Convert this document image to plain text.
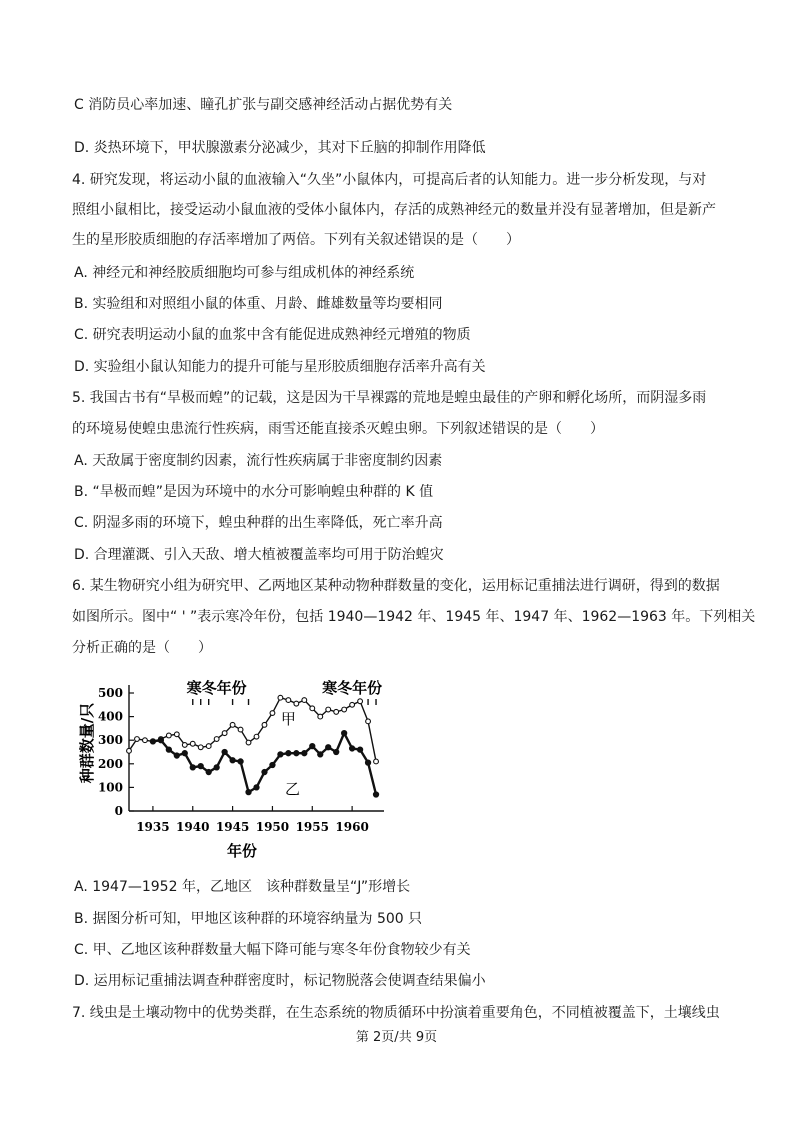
C 消防员心率加速、瞳孔扩张与副交感神经活动占据优势有关
D. 炎热环境下，甲状腺激素分泌减少，其对下丘脑的抑制作用降低
4. 研究发现，将运动小鼠的血液输入“久坐”小鼠体内，可提高后者的认知能力。进一步分析发现，与对
照组小鼠相比，接受运动小鼠血液的受体小鼠体内，存活的成熟神经元的数量并没有显著增加，但是新产
生的星形胶质细胞的存活率增加了两倍。下列有关叙述错误的是（　　）
A. 神经元和神经胶质细胞均可参与组成机体的神经系统
B. 实验组和对照组小鼠的体重、月龄、雌雄数量等均要相同
C. 研究表明运动小鼠的血浆中含有能促进成熟神经元增殖的物质
D. 实验组小鼠认知能力的提升可能与星形胶质细胞存活率升高有关
5. 我国古书有“旱极而蝗”的记载，这是因为干旱裸露的荒地是蝗虫最佳的产卵和孵化场所，而阴湿多雨
的环境易使蝗虫患流行性疾病，雨雪还能直接杀灭蝗虫卵。下列叙述错误的是（　　）
A. 天敌属于密度制约因素，流行性疾病属于非密度制约因素
B. “旱极而蝗”是因为环境中的水分可影响蝗虫种群的 K 值
C. 阴湿多雨的环境下，蝗虫种群的出生率降低，死亡率升高
D. 合理灌溉、引入天敌、增大植被覆盖率均可用于防治蝗灾
6. 某生物研究小组为研究甲、乙两地区某种动物种群数量的变化，运用标记重捕法进行调研，得到的数据
如图所示。图中“ ' ”表示寒冷年份，包括 1940—1942 年、1945 年、1947 年、1962—1963 年。下列相关
分析正确的是（　　）
A. 1947—1952 年，乙地区　该种群数量呈“J”形增长
B. 据图分析可知，甲地区该种群的环境容纳量为 500 只
C. 甲、乙地区该种群数量大幅下降可能与寒冬年份食物较少有关
D. 运用标记重捕法调查种群密度时，标记物脱落会使调查结果偏小
7. 线虫是土壤动物中的优势类群，在生态系统的物质循环中扮演着重要角色，不同植被覆盖下，土壤线虫
0
100
200
300
400
500
1935 1940 1945 1950 1955 1960
寒冬年份	寒冬年份
甲
乙
种群数量/只
年份
第 2页/共 9页
